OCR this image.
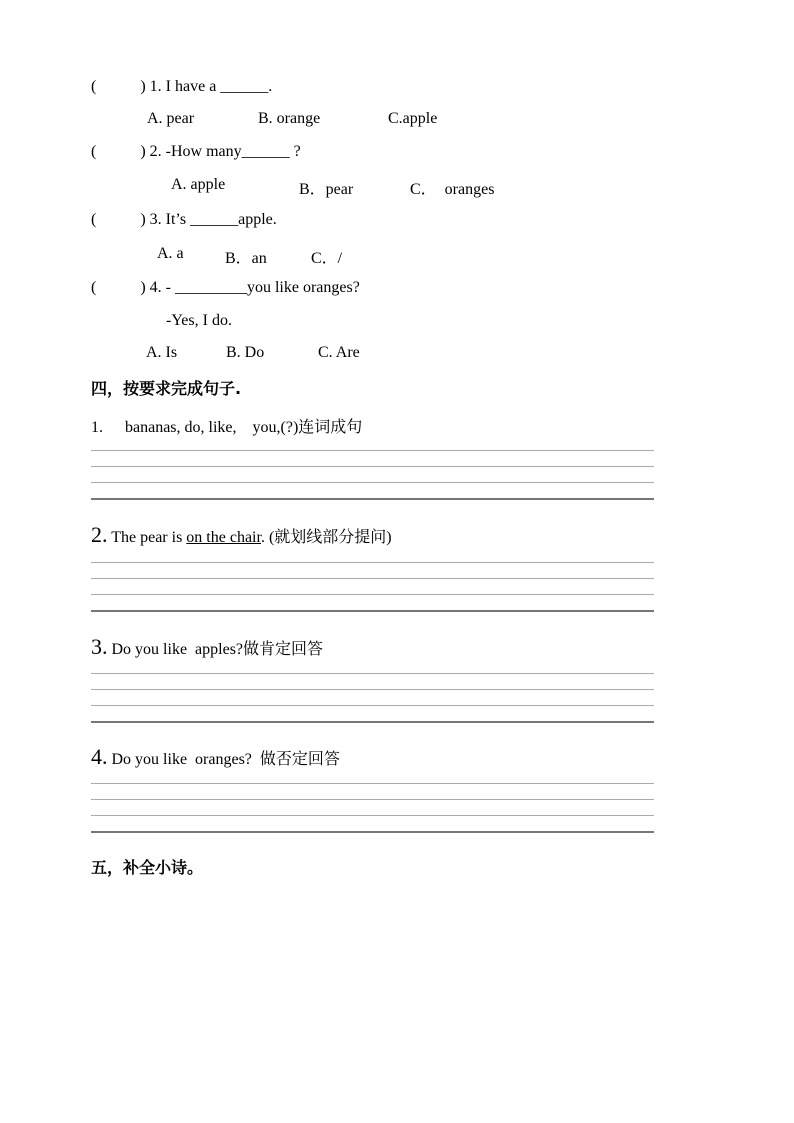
(	) 1. I have a ______.
A. pear	B. orange	C.apple
(	) 2. -How many______ ?
A. apple	B．pear	C．  oranges
(	) 3. It’s ______apple.
A. a	B．an	C．/
(	) 4. - _________you like oranges?
-Yes, I do.
A. Is	B. Do	C. Are
四，按要求完成句子.
1. bananas, do, like,    you,(?)连词成句
2. The pear is on the chair. (就划线部分提问)
3. Do you like  apples?做肯定回答
4. Do you like  oranges?  做否定回答
五，补全小诗。
